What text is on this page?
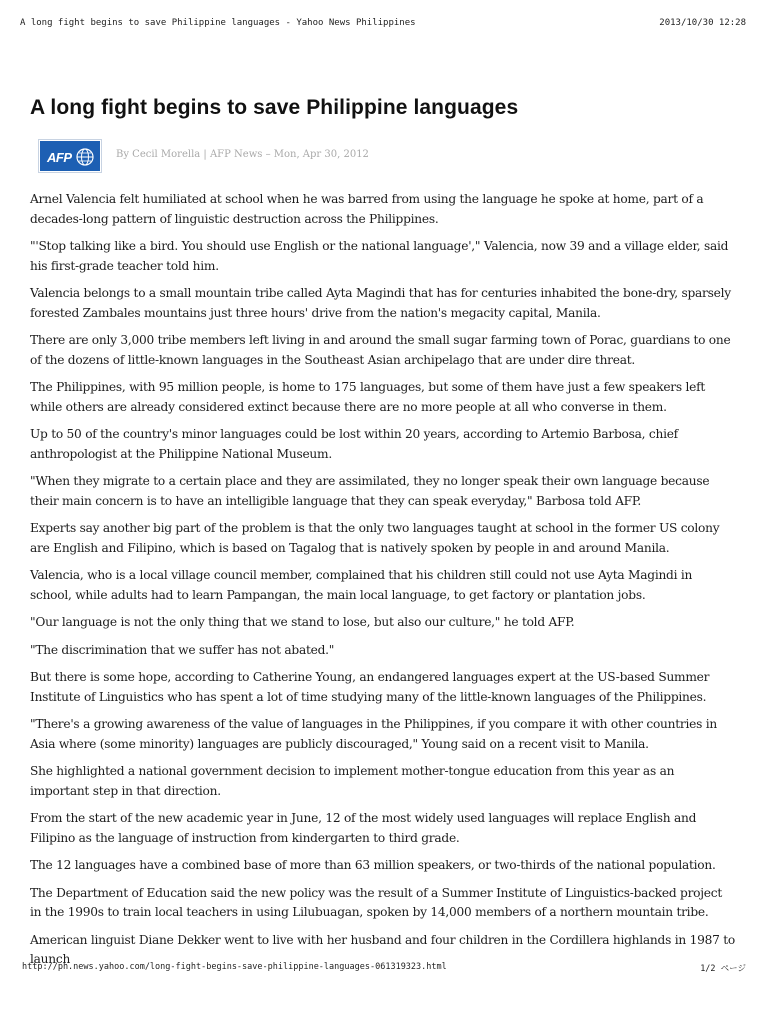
A long fight begins to save Philippine languages - Yahoo News Philippines	2013/10/30 12:28
A long fight begins to save Philippine languages
AFP	By Cecil Morella | AFP News – Mon, Apr 30, 2012

Arnel Valencia felt humiliated at school when he was barred from using the language he spoke at home, part of a decades-long pattern of linguistic destruction across the Philippines.

"'Stop talking like a bird. You should use English or the national language'," Valencia, now 39 and a village elder, said his first-grade teacher told him.

Valencia belongs to a small mountain tribe called Ayta Magindi that has for centuries inhabited the bone-dry, sparsely forested Zambales mountains just three hours' drive from the nation's megacity capital, Manila.

There are only 3,000 tribe members left living in and around the small sugar farming town of Porac, guardians to one of the dozens of little-known languages in the Southeast Asian archipelago that are under dire threat.

The Philippines, with 95 million people, is home to 175 languages, but some of them have just a few speakers left while others are already considered extinct because there are no more people at all who converse in them.

Up to 50 of the country's minor languages could be lost within 20 years, according to Artemio Barbosa, chief anthropologist at the Philippine National Museum.

"When they migrate to a certain place and they are assimilated, they no longer speak their own language because their main concern is to have an intelligible language that they can speak everyday," Barbosa told AFP.

Experts say another big part of the problem is that the only two languages taught at school in the former US colony are English and Filipino, which is based on Tagalog that is natively spoken by people in and around Manila.

Valencia, who is a local village council member, complained that his children still could not use Ayta Magindi in school, while adults had to learn Pampangan, the main local language, to get factory or plantation jobs.

"Our language is not the only thing that we stand to lose, but also our culture," he told AFP.

"The discrimination that we suffer has not abated."

But there is some hope, according to Catherine Young, an endangered languages expert at the US-based Summer Institute of Linguistics who has spent a lot of time studying many of the little-known languages of the Philippines.

"There's a growing awareness of the value of languages in the Philippines, if you compare it with other countries in Asia where (some minority) languages are publicly discouraged," Young said on a recent visit to Manila.

She highlighted a national government decision to implement mother-tongue education from this year as an important step in that direction.

From the start of the new academic year in June, 12 of the most widely used languages will replace English and Filipino as the language of instruction from kindergarten to third grade.

The 12 languages have a combined base of more than 63 million speakers, or two-thirds of the national population.

The Department of Education said the new policy was the result of a Summer Institute of Linguistics-backed project in the 1990s to train local teachers in using Lilubuagan, spoken by 14,000 members of a northern mountain tribe.

American linguist Diane Dekker went to live with her husband and four children in the Cordillera highlands in 1987 to launch

http://ph.news.yahoo.com/long-fight-begins-save-philippine-languages-061319323.html	1/2 ページ
